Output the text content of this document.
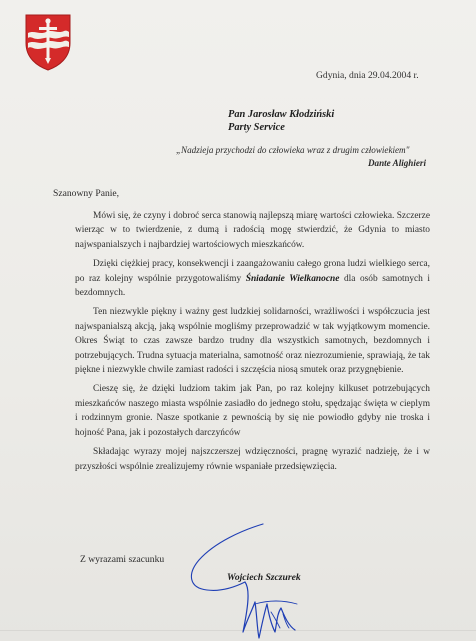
Gdynia, dnia 29.04.2004 r.
Pan Jarosław Kłodziński
Party Service
„Nadzieja przychodzi do człowieka wraz z drugim człowiekiem"
Dante Alighieri
Szanowny Panie,

Mówi się, że czyny i dobroć serca stanowią najlepszą miarę wartości człowieka. Szczerze wierząc w to twierdzenie, z dumą i radością mogę stwierdzić, że Gdynia to miasto najwspanialszych i najbardziej wartościowych mieszkańców.

Dzięki ciężkiej pracy, konsekwencji i zaangażowaniu całego grona ludzi wielkiego serca, po raz kolejny wspólnie przygotowaliśmy Śniadanie Wielkanocne dla osób samotnych i bezdomnych.

Ten niezwykle piękny i ważny gest ludzkiej solidarności, wrażliwości i współczucia jest najwspanialszą akcją, jaką wspólnie mogliśmy przeprowadzić w tak wyjątkowym momencie. Okres Świąt to czas zawsze bardzo trudny dla wszystkich samotnych, bezdomnych i potrzebujących. Trudna sytuacja materialna, samotność oraz niezrozumienie, sprawiają, że tak piękne i niezwykle chwile zamiast radości i szczęścia niosą smutek oraz przygnębienie.

Cieszę się, że dzięki ludziom takim jak Pan, po raz kolejny kilkuset potrzebujących mieszkańców naszego miasta wspólnie zasiadło do jednego stołu, spędzając święta w cieplym i rodzinnym gronie. Nasze spotkanie z pewnością by się nie powiodło gdyby nie troska i hojność Pana, jak i pozostałych darczyńców

Składając wyrazy mojej najszczerszej wdzięczności, pragnę wyrazić nadzieję, że i w przyszłości wspólnie zrealizujemy równie wspaniałe przedsięwzięcia.

Z wyrazami szacunku
Wojciech Szczurek
